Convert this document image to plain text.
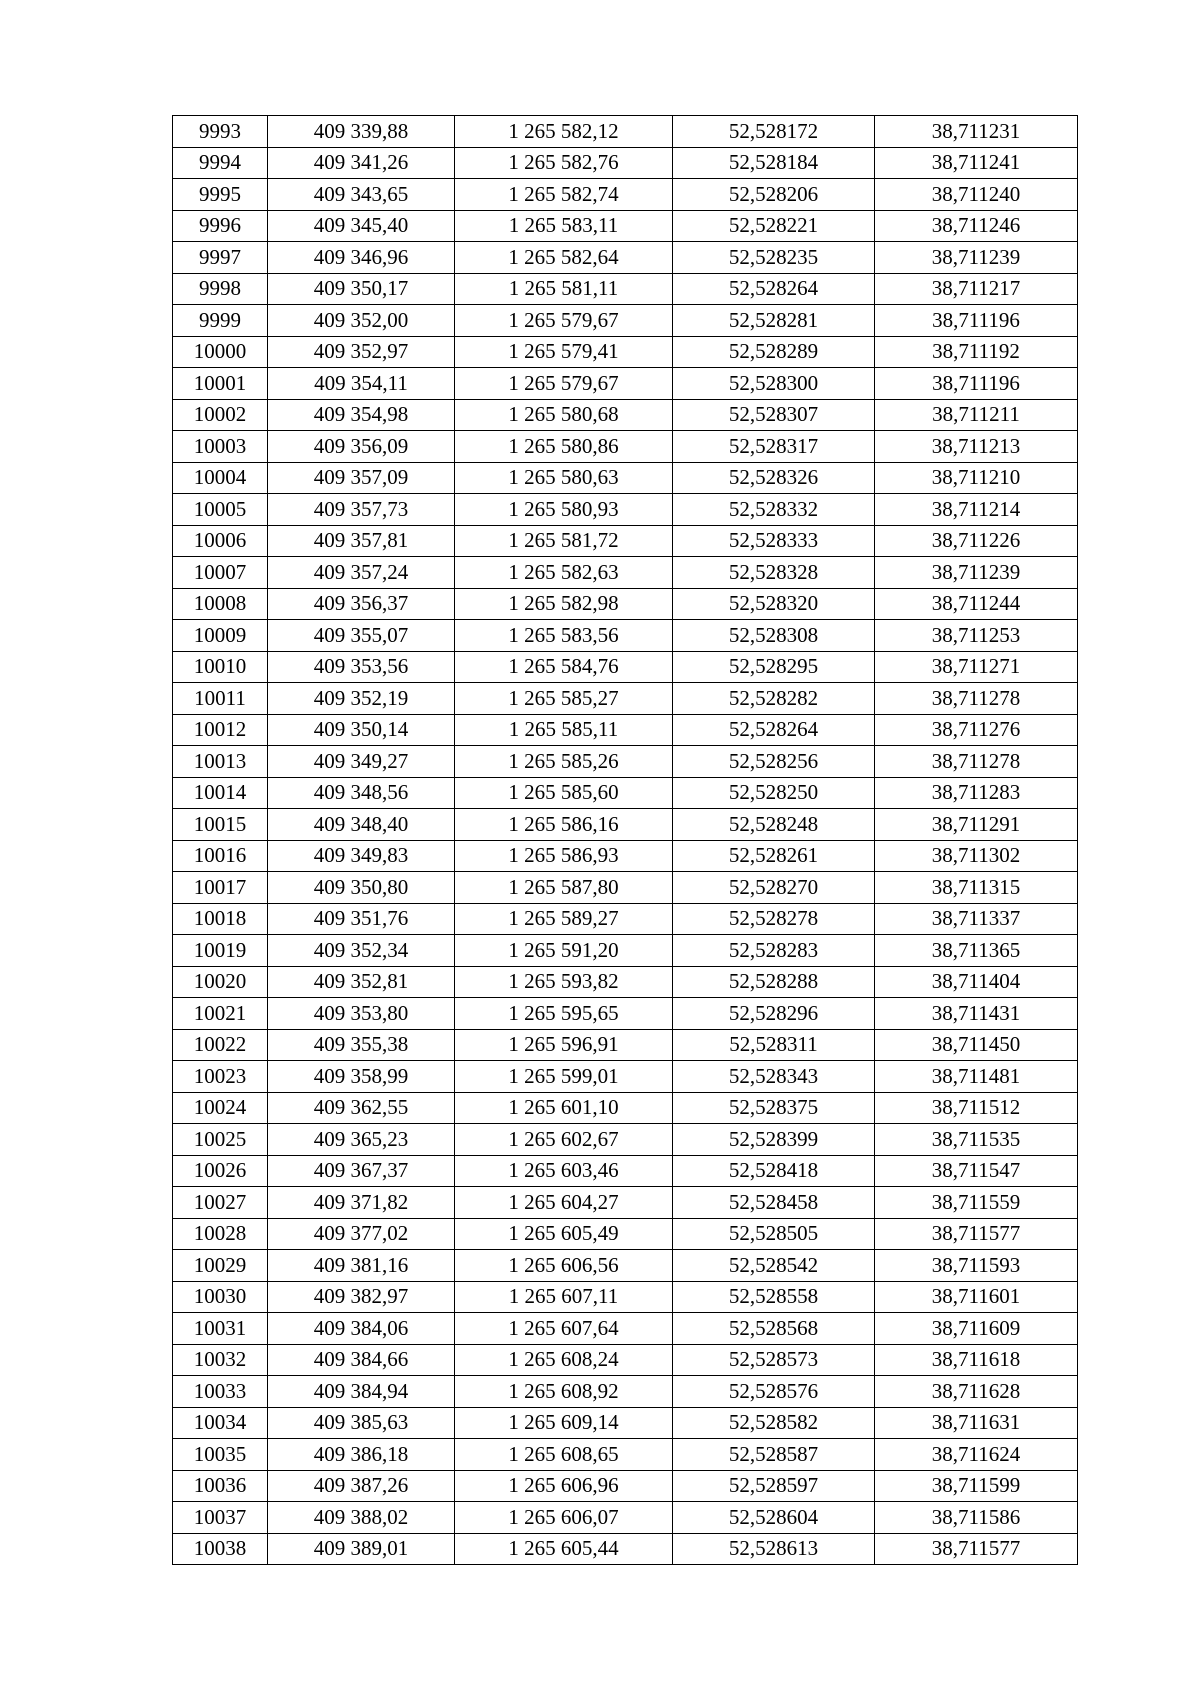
9993	409 339,88	1 265 582,12	52,528172	38,711231
9994	409 341,26	1 265 582,76	52,528184	38,711241
9995	409 343,65	1 265 582,74	52,528206	38,711240
9996	409 345,40	1 265 583,11	52,528221	38,711246
9997	409 346,96	1 265 582,64	52,528235	38,711239
9998	409 350,17	1 265 581,11	52,528264	38,711217
9999	409 352,00	1 265 579,67	52,528281	38,711196
10000	409 352,97	1 265 579,41	52,528289	38,711192
10001	409 354,11	1 265 579,67	52,528300	38,711196
10002	409 354,98	1 265 580,68	52,528307	38,711211
10003	409 356,09	1 265 580,86	52,528317	38,711213
10004	409 357,09	1 265 580,63	52,528326	38,711210
10005	409 357,73	1 265 580,93	52,528332	38,711214
10006	409 357,81	1 265 581,72	52,528333	38,711226
10007	409 357,24	1 265 582,63	52,528328	38,711239
10008	409 356,37	1 265 582,98	52,528320	38,711244
10009	409 355,07	1 265 583,56	52,528308	38,711253
10010	409 353,56	1 265 584,76	52,528295	38,711271
10011	409 352,19	1 265 585,27	52,528282	38,711278
10012	409 350,14	1 265 585,11	52,528264	38,711276
10013	409 349,27	1 265 585,26	52,528256	38,711278
10014	409 348,56	1 265 585,60	52,528250	38,711283
10015	409 348,40	1 265 586,16	52,528248	38,711291
10016	409 349,83	1 265 586,93	52,528261	38,711302
10017	409 350,80	1 265 587,80	52,528270	38,711315
10018	409 351,76	1 265 589,27	52,528278	38,711337
10019	409 352,34	1 265 591,20	52,528283	38,711365
10020	409 352,81	1 265 593,82	52,528288	38,711404
10021	409 353,80	1 265 595,65	52,528296	38,711431
10022	409 355,38	1 265 596,91	52,528311	38,711450
10023	409 358,99	1 265 599,01	52,528343	38,711481
10024	409 362,55	1 265 601,10	52,528375	38,711512
10025	409 365,23	1 265 602,67	52,528399	38,711535
10026	409 367,37	1 265 603,46	52,528418	38,711547
10027	409 371,82	1 265 604,27	52,528458	38,711559
10028	409 377,02	1 265 605,49	52,528505	38,711577
10029	409 381,16	1 265 606,56	52,528542	38,711593
10030	409 382,97	1 265 607,11	52,528558	38,711601
10031	409 384,06	1 265 607,64	52,528568	38,711609
10032	409 384,66	1 265 608,24	52,528573	38,711618
10033	409 384,94	1 265 608,92	52,528576	38,711628
10034	409 385,63	1 265 609,14	52,528582	38,711631
10035	409 386,18	1 265 608,65	52,528587	38,711624
10036	409 387,26	1 265 606,96	52,528597	38,711599
10037	409 388,02	1 265 606,07	52,528604	38,711586
10038	409 389,01	1 265 605,44	52,528613	38,711577
